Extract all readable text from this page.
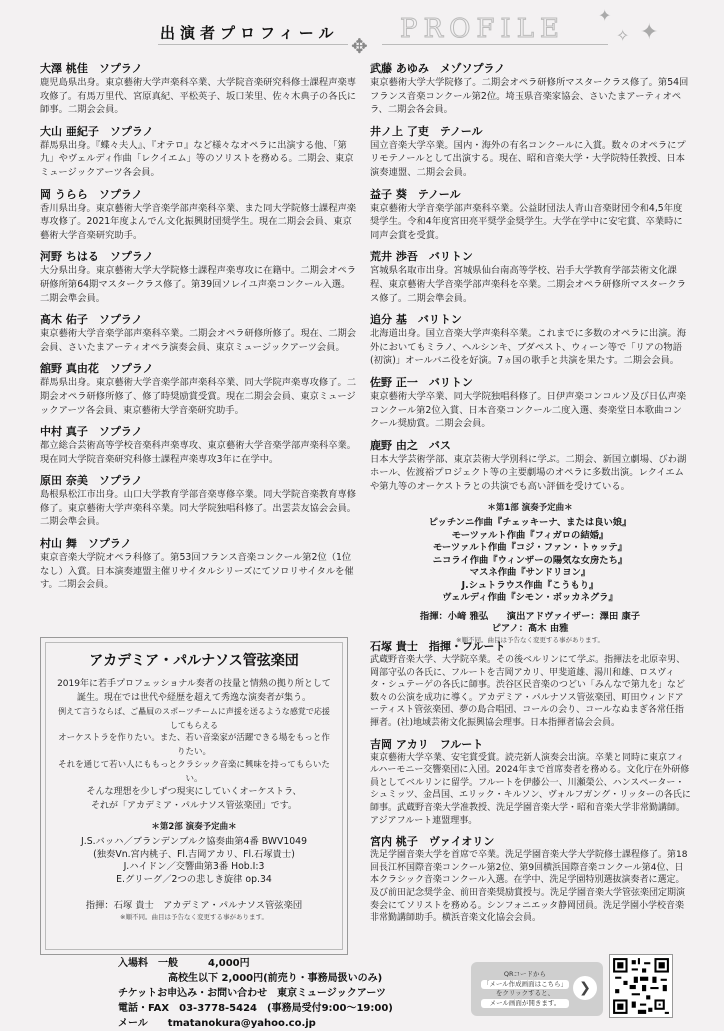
出演者プロフィール PROFILE
✥
✦
✧ ✦
大澤 桃佳　ソプラノ
鹿児島県出身。東京藝術大学声楽科卒業、大学院音楽研究科修士課程声楽専攻修了。有馬万里代、宮原真紀、平松英子、坂口茉里、佐々木典子の各氏に師事。二期会会員。
大山 亜紀子　ソプラノ
群馬県出身。『蝶々夫人』、『オテロ』など様々なオペラに出演する他、「第九」やヴェルディ作曲「レクイエム」等のソリストを務める。二期会、東京ミュージックアーツ各会員。
岡 うらら　ソプラノ
香川県出身。東京藝術大学音楽学部声楽科卒業、また同大学院修士課程声楽専攻修了。2021年度よんでん文化振興財団奨学生。現在二期会会員、東京藝術大学音楽研究助手。
河野 ちはる　ソプラノ
大分県出身。東京藝術大学大学院修士課程声楽専攻に在籍中。二期会オペラ研修所第64期マスタークラス修了。第39回ソレイユ声楽コンクール入選。二期会準会員。
髙木 佑子　ソプラノ
東京藝術大学音楽学部声楽科卒業。二期会オペラ研修所修了。現在、二期会会員、さいたまアーティオペラ演奏会員、東京ミュージックアーツ会員。
舘野 真由花　ソプラノ
群馬県出身。東京藝術大学音楽学部声楽科卒業、同大学院声楽専攻修了。二期会オペラ研修所修了、修了時奨励賞受賞。現在二期会会員、東京ミュージックアーツ各会員、東京藝術大学音楽研究助手。
中村 真子　ソプラノ
都立総合芸術高等学校音楽科声楽専攻、東京藝術大学音楽学部声楽科卒業。現在同大学院音楽研究科修士課程声楽専攻3年に在学中。
原田 奈美　ソプラノ
島根県松江市出身。山口大学教育学部音楽専修卒業。同大学院音楽教育専修修了。東京藝術大学声楽科卒業。同大学院独唱科修了。出雲芸友協会会員。二期会準会員。
村山 舞　ソプラノ
東京音楽大学院オペラ科修了。第53回フランス音楽コンクール第2位（1位なし）入賞。日本演奏連盟主催リサイタルシリーズにてソロリサイタルを催す。二期会会員。
武藤 あゆみ　メゾソプラノ
東京藝術大学大学院修了。二期会オペラ研修所マスタークラス修了。第54回フランス音楽コンクール第2位。埼玉県音楽家協会、さいたまアーティオペラ、二期会各会員。
井ノ上 了吏　テノール
国立音楽大学卒業。国内・海外の有名コンクールに入賞。数々のオペラにプリモテノールとして出演する。現在、昭和音楽大学・大学院特任教授、日本演奏連盟、二期会会員。
益子 葵　テノール
東京藝術大学音楽学部声楽科卒業。公益財団法人青山音楽財団令和4,5年度奨学生。令和4年度宮田亮平奨学金奨学生。大学在学中に安宅賞、卒業時に同声会賞を受賞。
荒井 渉吾　バリトン
宮城県名取市出身。宮城県仙台南高等学校、岩手大学教育学部芸術文化課程、東京藝術大学音楽学部声楽科を卒業。二期会オペラ研修所マスタークラス修了。二期会準会員。
追分 基　バリトン
北海道出身。国立音楽大学声楽科卒業。これまでに多数のオペラに出演。海外においてもミラノ、ヘルシンキ、ブダペスト、ウィーン等で「リアの物語(初演)」オールバニ役を好演。7ヵ国の歌手と共演を果たす。二期会会員。
佐野 正一　バリトン
東京藝術大学卒業、同大学院独唱科修了。日伊声楽コンコルソ及び日仏声楽コンクール第2位入賞、日本音楽コンクール二度入選、奏楽堂日本歌曲コンクール奨励賞。二期会会員。
鹿野 由之　バス
日本大学芸術学部、東京芸術大学別科に学ぶ。二期会、新国立劇場、びわ湖ホール、佐渡裕プロジェクト等の主要劇場のオペラに多数出演。レクイエムや第九等のオーケストラとの共演でも高い評価を受けている。
＊第1部 演奏予定曲＊
ピッチンニ作曲『チェッキーナ、または良い娘』
モーツァルト作曲『フィガロの結婚』
モーツァルト作曲『コジ・ファン・トゥッテ』
ニコライ作曲『ウィンザーの陽気な女房たち』
マスネ作曲『サンドリヨン』
J.シュトラウス作曲『こうもり』
ヴェルディ作曲『シモン・ボッカネグラ』
指揮：小﨑 雅弘　　演出アドヴァイザー：澤田 康子
ピアノ：髙木 由雅
※順不同。曲目は予告なく変更する事があります。
アカデミア・パルナソス管弦楽団
2019年に若手プロフェッショナル奏者の技量と情熱の拠り所として
誕生。現在では世代や経歴を超えて秀逸な演奏者が集う。
例えて言うならば、ご贔屓のスポーツチームに声援を送るような感覚で応援してもらえる
オーケストラを作りたい。また、若い音楽家が活躍できる場をもっと作りたい。
それを通じて若い人にももっとクラシック音楽に興味を持ってもらいたい。
そんな理想を少しずつ現実にしていくオーケストラ、
それが「アカデミア・パルナソス管弦楽団」です。
＊第2部 演奏予定曲＊
J.S.バッハ／ブランデンブルク協奏曲第4番 BWV1049
(独奏Vn.宮内桃子、Fl.吉岡アカリ、Fl.石塚貴士)
J.ハイドン／交響曲第3番 Hob.I:3
E.グリーグ／2つの悲しき旋律 op.34
指揮：石塚 貴士　アカデミア・パルナソス管弦楽団
※順不同。曲目は予告なく変更する事があります。
石塚 貴士　指揮・フルート
武蔵野音楽大学、大学院卒業。その後ベルリンにて学ぶ。指揮法を北原幸男、岡部守弘の各氏に、フルートを吉岡アカリ、甲斐道雄、湯川和雄、ロスヴィタ・シュテーゲの各氏に師事。渋谷区民音楽のつどい「みんなで第九を」など数々の公演を成功に導く。アカデミア・パルナソス管弦楽団、町田ウィンドアーティスト管弦楽団、夢の島合唱団、コールの会り、コールなぬまぎ各常任指揮者。(社)地域芸術文化振興協会理事。日本指揮者協会会員。
吉岡 アカリ　フルート
東京藝術大学卒業、安宅賞受賞。読売新人演奏会出演。卒業と同時に東京フィルハーモニー交響楽団に入団。2024年まで首席奏者を務める。文化庁在外研修員としてベルリンに留学。フルートを伊藤公一、川瀬榮公、ハンスペーター・シュミッツ、金昌国、エリック・キルソン、ヴォルフガング・リッターの各氏に師事。武蔵野音楽大学准教授、洗足学園音楽大学・昭和音楽大学非常勤講師。アジアフルート連盟理事。
宮内 桃子　ヴァイオリン
洗足学園音楽大学を首席で卒業。洗足学園音楽大学大学院修士課程修了。第18回長江杯国際音楽コンクール第2位、第9回横浜国際音楽コンクール第4位、日本クラシック音楽コンクール入選。在学中、洗足学園特別選抜演奏者に選定。及び前田記念奨学金、前田音楽奨励賞授与。洗足学園音楽大学管弦楽団定期演奏会にてソリストを務める。シンフォニエッタ静岡団員。洗足学園小学校音楽非常勤講師助手。横浜音楽文化協会会員。
入場料　一般　　　4,000円
高校生以下 2,000円(前売り・事務局扱いのみ)
チケットお申込み・お問い合わせ　東京ミュージックアーツ
電話・FAX　03-3778-5424　(事務局受付9:00～19:00)
メール　　tmatanokura@yahoo.co.jp
QRコードから
「メール作成画面はこちら」
をクリックすると、
メール画面が開きます。
❯
